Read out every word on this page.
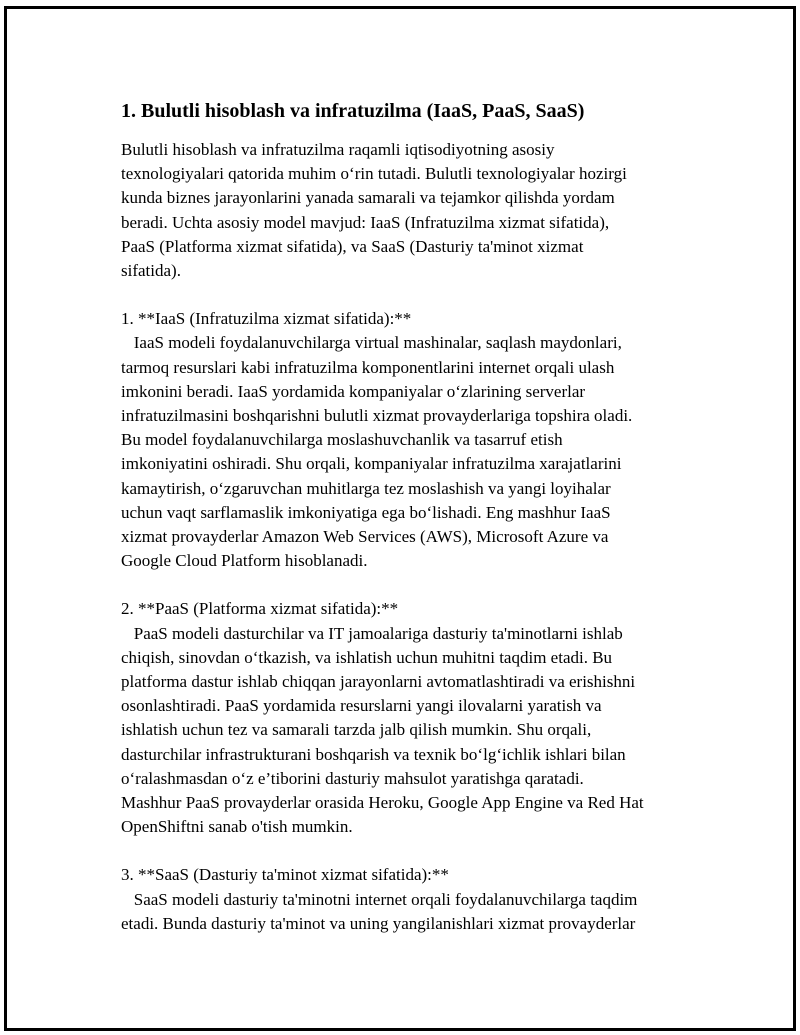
1. Bulutli hisoblash va infratuzilma (IaaS, PaaS, SaaS)
Bulutli hisoblash va infratuzilma raqamli iqtisodiyotning asosiy
texnologiyalari qatorida muhim o‘rin tutadi. Bulutli texnologiyalar hozirgi
kunda biznes jarayonlarini yanada samarali va tejamkor qilishda yordam
beradi. Uchta asosiy model mavjud: IaaS (Infratuzilma xizmat sifatida),
PaaS (Platforma xizmat sifatida), va SaaS (Dasturiy ta'minot xizmat
sifatida).
1. **IaaS (Infratuzilma xizmat sifatida):**
IaaS modeli foydalanuvchilarga virtual mashinalar, saqlash maydonlari,
tarmoq resurslari kabi infratuzilma komponentlarini internet orqali ulash
imkonini beradi. IaaS yordamida kompaniyalar o‘zlarining serverlar
infratuzilmasini boshqarishni bulutli xizmat provayderlariga topshira oladi.
Bu model foydalanuvchilarga moslashuvchanlik va tasarruf etish
imkoniyatini oshiradi. Shu orqali, kompaniyalar infratuzilma xarajatlarini
kamaytirish, o‘zgaruvchan muhitlarga tez moslashish va yangi loyihalar
uchun vaqt sarflamaslik imkoniyatiga ega bo‘lishadi. Eng mashhur IaaS
xizmat provayderlar Amazon Web Services (AWS), Microsoft Azure va
Google Cloud Platform hisoblanadi.
2. **PaaS (Platforma xizmat sifatida):**
PaaS modeli dasturchilar va IT jamoalariga dasturiy ta'minotlarni ishlab
chiqish, sinovdan o‘tkazish, va ishlatish uchun muhitni taqdim etadi. Bu
platforma dastur ishlab chiqqan jarayonlarni avtomatlashtiradi va erishishni
osonlashtiradi. PaaS yordamida resurslarni yangi ilovalarni yaratish va
ishlatish uchun tez va samarali tarzda jalb qilish mumkin. Shu orqali,
dasturchilar infrastrukturani boshqarish va texnik bo‘lg‘ichlik ishlari bilan
o‘ralashmasdan o‘z e’tiborini dasturiy mahsulot yaratishga qaratadi.
Mashhur PaaS provayderlar orasida Heroku, Google App Engine va Red Hat
OpenShiftni sanab o'tish mumkin.
3. **SaaS (Dasturiy ta'minot xizmat sifatida):**
SaaS modeli dasturiy ta'minotni internet orqali foydalanuvchilarga taqdim
etadi. Bunda dasturiy ta'minot va uning yangilanishlari xizmat provayderlar
